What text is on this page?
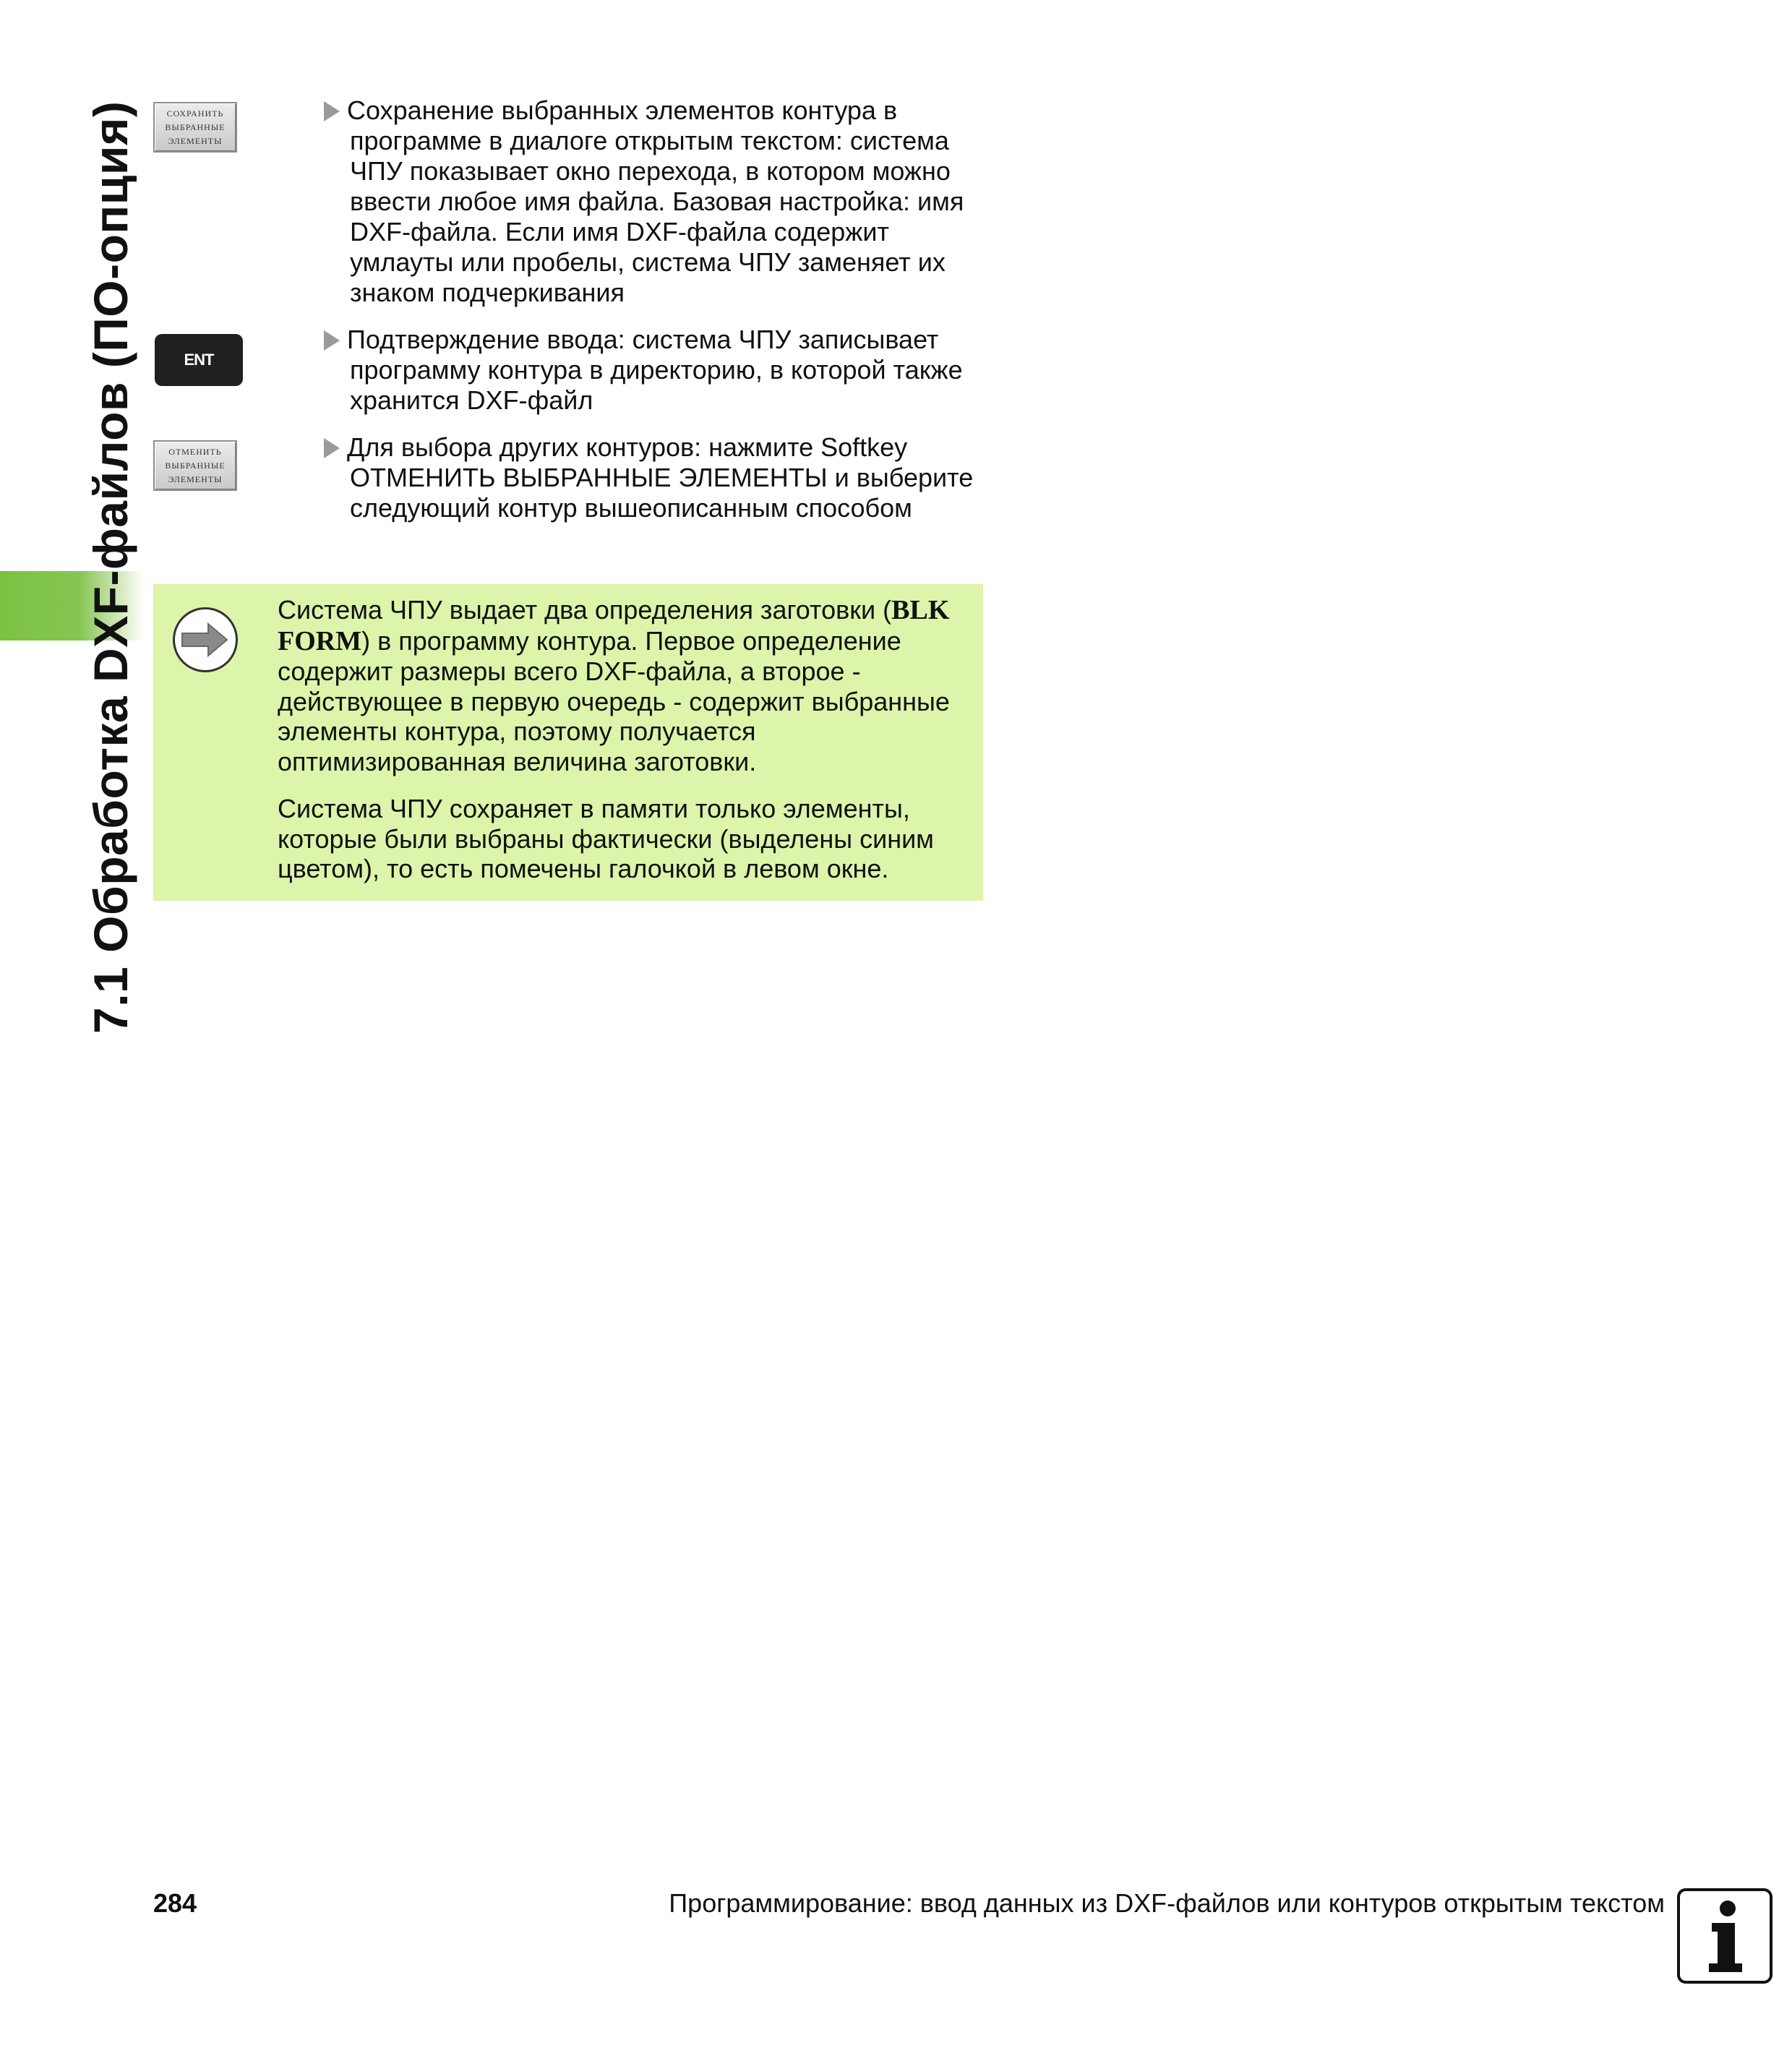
7.1 Обработка DXF-файлов (ПО-опция)	СОХРАНИТЬ
ВЫБРАННЫЕ
ЭЛЕМЕНТЫ
ENT
ОТМЕНИТЬ
ВЫБРАННЫЕ
ЭЛЕМЕНТЫ
Сохранение выбранных элементов контура в
программе в диалоге открытым текстом: система ЧПУ показывает окно перехода, в котором можно ввести любое имя файла. Базовая настройка: имя DXF-файла. Если имя DXF-файла содержит умлауты или пробелы, система ЧПУ заменяет их знаком подчеркивания
Подтверждение ввода: система ЧПУ записывает
программу контура в директорию, в которой также хранится DXF-файл
Для выбора других контуров: нажмите Softkey
ОТМЕНИТЬ ВЫБРАННЫЕ ЭЛЕМЕНТЫ и выберите следующий контур вышеописанным способом
Система ЧПУ выдает два определения заготовки (BLK FORM) в программу контура. Первое определение содержит размеры всего DXF-файла, а второе - действующее в первую очередь - содержит выбранные элементы контура, поэтому получается оптимизированная величина заготовки.
Система ЧПУ сохраняет в памяти только элементы, которые были выбраны фактически (выделены синим цветом), то есть помечены галочкой в левом окне.
284	Программирование: ввод данных из DXF-файлов или контуров открытым текстом
